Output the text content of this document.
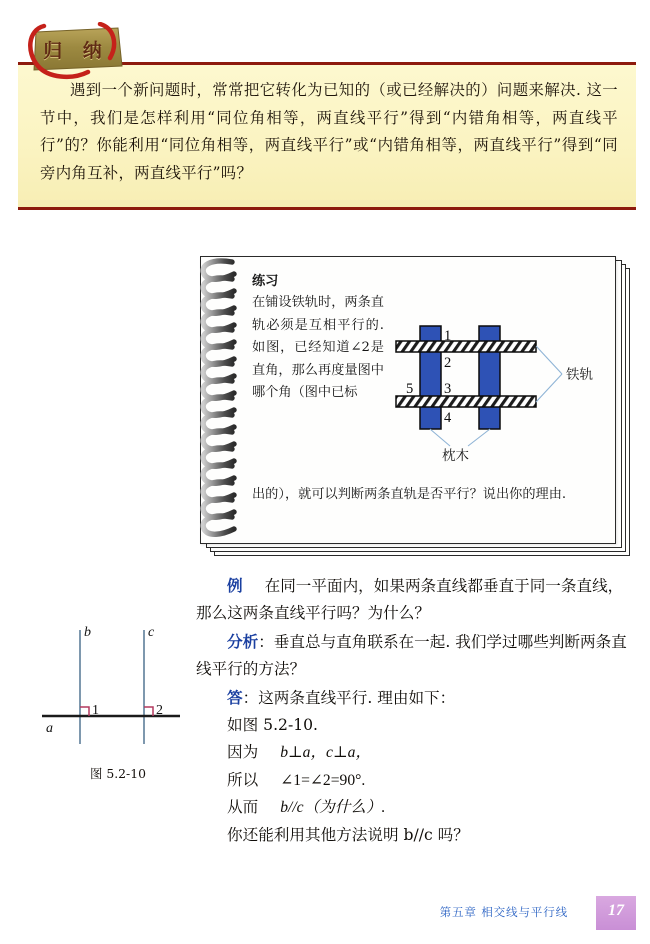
遇到一个新问题时，常常把它转化为已知的（或已经解决的）问题来解决. 这一节中，我们是怎样利用“同位角相等，两直线平行”得到“内错角相等，两直线平行”的？你能利用“同位角相等，两直线平行”或“内错角相等，两直线平行”得到“同旁内角互补，两直线平行”吗？
归 纳
练习
在铺设铁轨时，两条直轨必须是互相平行的. 如图，已经知道∠2是直角，那么再度量图中哪个角（图中已标
出的），就可以判断两条直轨是否平行？说出你的理由.
铁轨
枕木
1
2
5 3
4

例 在同一平面内，如果两条直线都垂直于同一条直线，那么这两条直线平行吗？为什么？

分析：垂直总与直角联系在一起. 我们学过哪些判断两条直线平行的方法？

答：这两条直线平行. 理由如下：

如图 5.2-10.

因为 b⊥a，c⊥a，

所以 ∠1=∠2=90°.

从而 b//c（为什么）.

你还能利用其他方法说明 b//c 吗？

b	c
a
1	2
图 5.2-10
第五章 相交线与平行线	17
